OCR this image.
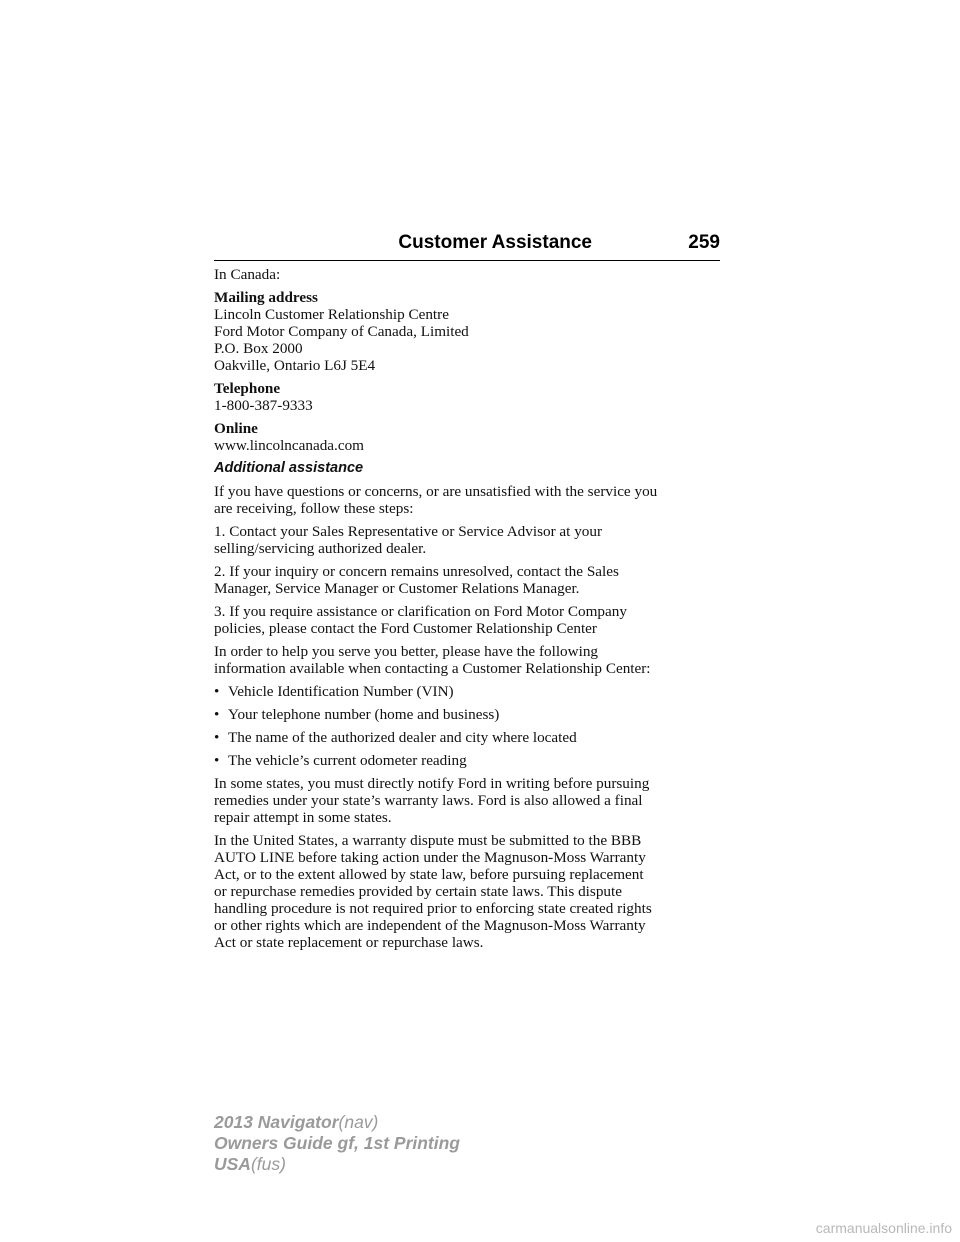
Customer Assistance	259

In Canada:

Mailing address
Lincoln Customer Relationship Centre
Ford Motor Company of Canada, Limited
P.O. Box 2000
Oakville, Ontario L6J 5E4

Telephone
1-800-387-9333

Online
www.lincolncanada.com

Additional assistance

If you have questions or concerns, or are unsatisfied with the service you
are receiving, follow these steps:

1. Contact your Sales Representative or Service Advisor at your
selling/servicing authorized dealer.

2. If your inquiry or concern remains unresolved, contact the Sales
Manager, Service Manager or Customer Relations Manager.

3. If you require assistance or clarification on Ford Motor Company
policies, please contact the Ford Customer Relationship Center

In order to help you serve you better, please have the following
information available when contacting a Customer Relationship Center:

• Vehicle Identification Number (VIN)
• Your telephone number (home and business)
• The name of the authorized dealer and city where located
• The vehicle’s current odometer reading

In some states, you must directly notify Ford in writing before pursuing
remedies under your state’s warranty laws. Ford is also allowed a final
repair attempt in some states.

In the United States, a warranty dispute must be submitted to the BBB
AUTO LINE before taking action under the Magnuson-Moss Warranty
Act, or to the extent allowed by state law, before pursuing replacement
or repurchase remedies provided by certain state laws. This dispute
handling procedure is not required prior to enforcing state created rights
or other rights which are independent of the Magnuson-Moss Warranty
Act or state replacement or repurchase laws.

2013 Navigator(nav)
Owners Guide gf, 1st Printing
USA(fus)
carmanualsonline.info
